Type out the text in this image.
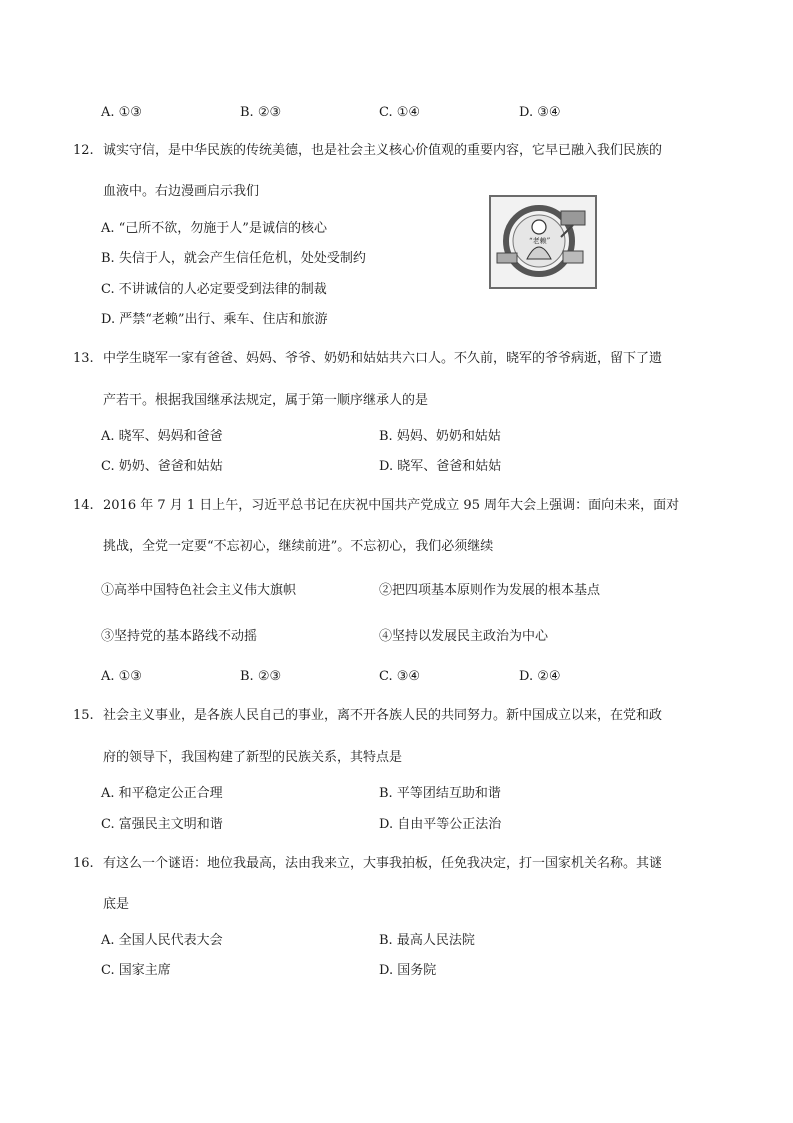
A. ①③	B. ②③	C. ①④	D. ③④
12. 诚实守信，是中华民族的传统美德，也是社会主义核心价值观的重要内容，它早已融入我们民族的
血液中。右边漫画启示我们
A. “己所不欲，勿施于人”是诚信的核心
B. 失信于人，就会产生信任危机，处处受制约
C. 不讲诚信的人必定要受到法律的制裁
D. 严禁“老赖”出行、乘车、住店和旅游
“老赖”
13. 中学生晓军一家有爸爸、妈妈、爷爷、奶奶和姑姑共六口人。不久前，晓军的爷爷病逝，留下了遗
产若干。根据我国继承法规定，属于第一顺序继承人的是
A. 晓军、妈妈和爸爸	B. 妈妈、奶奶和姑姑
C. 奶奶、爸爸和姑姑	D. 晓军、爸爸和姑姑
14. 2016 年 7 月 1 日上午，习近平总书记在庆祝中国共产党成立 95 周年大会上强调：面向未来，面对
挑战，全党一定要“不忘初心，继续前进”。不忘初心，我们必须继续
①高举中国特色社会主义伟大旗帜	②把四项基本原则作为发展的根本基点
③坚持党的基本路线不动摇	④坚持以发展民主政治为中心
A. ①③	B. ②③	C. ③④	D. ②④
15. 社会主义事业，是各族人民自己的事业，离不开各族人民的共同努力。新中国成立以来，在党和政
府的领导下，我国构建了新型的民族关系，其特点是
A. 和平稳定公正合理	B. 平等团结互助和谐
C. 富强民主文明和谐	D. 自由平等公正法治
16. 有这么一个谜语：地位我最高，法由我来立，大事我拍板，任免我决定，打一国家机关名称。其谜
底是
A. 全国人民代表大会	B. 最高人民法院
C. 国家主席	D. 国务院
